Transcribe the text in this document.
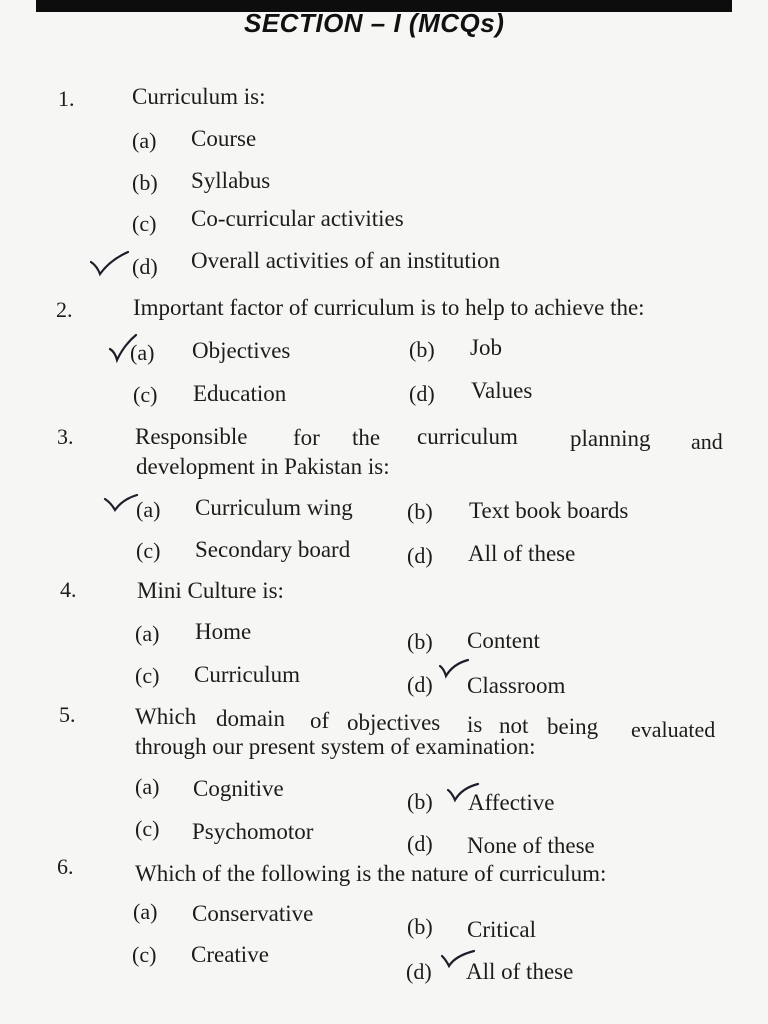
SECTION – I (MCQs)
1.	Curriculum is:
(a) Course
(b) Syllabus
(c) Co-curricular activities
(d) Overall activities of an institution
2.	Important factor of curriculum is to help to achieve the:
(a) Objectives	(b) Job
(c) Education	(d) Values
3.	Responsible for the curriculum planning and
development in Pakistan is:
(a) Curriculum wing (b) Text book boards
(c) Secondary board	(d) All of these
4.	Mini Culture is:
(a) Home	(b) Content
(c) Curriculum	(d) Classroom
5.	Which domain of objectives is not being evaluated
through our present system of examination:
(a) Cognitive
(b) Affective
(c) Psychomotor	(d) None of these
6.	Which of the following is the nature of curriculum:
(a) Conservative
(b) Critical
(c) Creative
(d) All of these
